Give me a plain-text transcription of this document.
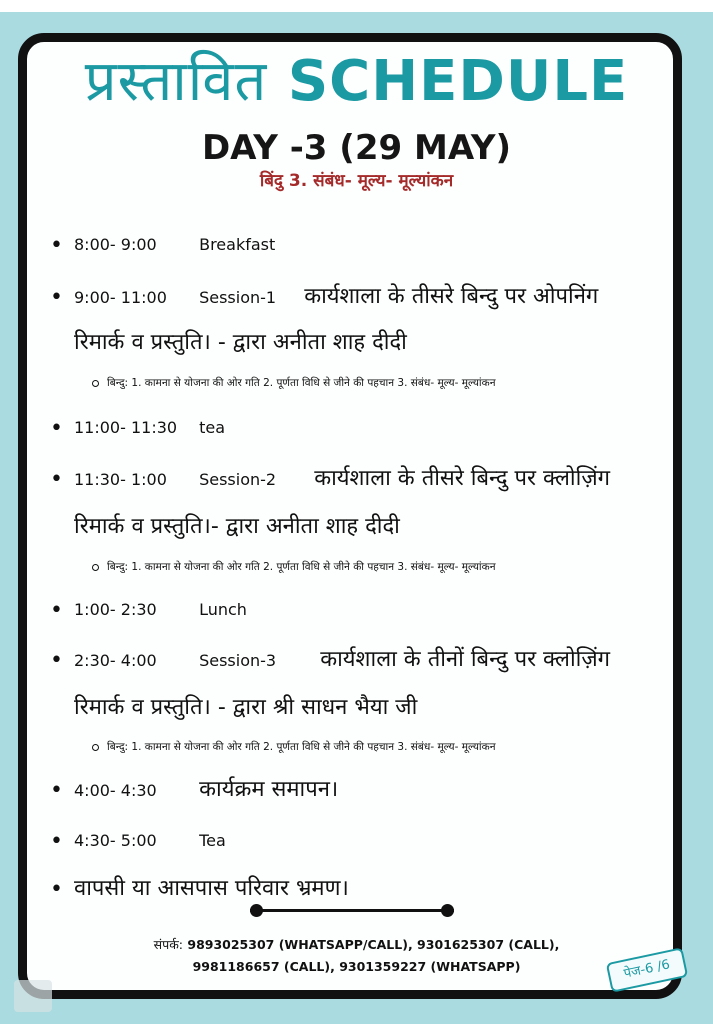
प्रस्तावित SCHEDULE
DAY -3 (29 MAY)
बिंदु 3. संबंध- मूल्य- मूल्यांकन
• 8:00- 9:00	Breakfast
• 9:00- 11:00 Session-1 कार्यशाला के तीसरे बिन्दु पर ओपनिंग
रिमार्क व प्रस्तुति। - द्वारा अनीता शाह दीदी
बिन्दु: 1. कामना से योजना की ओर गति 2. पूर्णता विधि से जीने की पहचान 3. संबंध- मूल्य- मूल्यांकन
• 11:00- 11:30 tea
• 11:30- 1:00 Session-2 कार्यशाला के तीसरे बिन्दु पर क्लोज़िंग
रिमार्क व प्रस्तुति।- द्वारा अनीता शाह दीदी
बिन्दु: 1. कामना से योजना की ओर गति 2. पूर्णता विधि से जीने की पहचान 3. संबंध- मूल्य- मूल्यांकन
• 1:00- 2:30	Lunch
• 2:30- 4:00	Session-3 कार्यशाला के तीनों बिन्दु पर क्लोज़िंग
रिमार्क व प्रस्तुति। - द्वारा श्री साधन भैया जी
बिन्दु: 1. कामना से योजना की ओर गति 2. पूर्णता विधि से जीने की पहचान 3. संबंध- मूल्य- मूल्यांकन
• 4:00- 4:30 कार्यक्रम समापन।
• 4:30- 5:00	Tea
• वापसी या आसपास परिवार भ्रमण।
संपर्क: 9893025307 (WHATSAPP/CALL), 9301625307 (CALL),
9981186657 (CALL), 9301359227 (WHATSAPP)	पेज-6 /6
